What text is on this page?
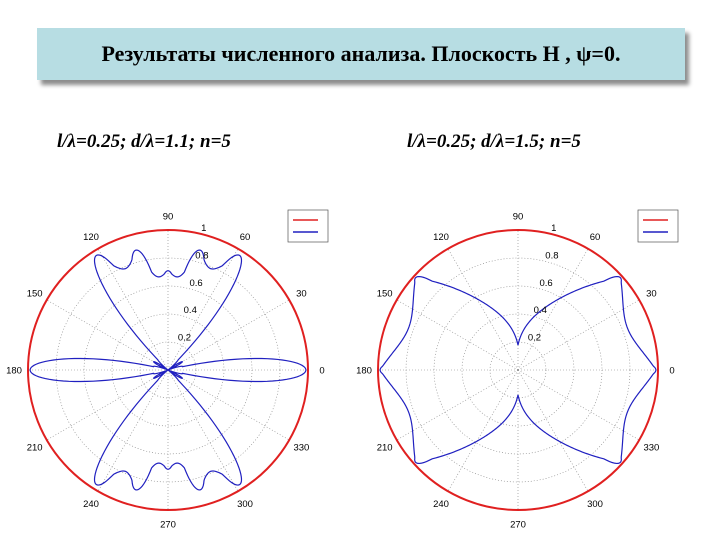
Результаты численного анализа. Плоскость Н , ψ=0.
l/λ=0.25; d/λ=1.1; n=5	l/λ=0.25; d/λ=1.5; n=5
0
30
60
90
120
150
180
210
240
270
300
330
0.2
0.4
0.6
0.8
1
0
30
60
90
120
150
180
210
240
270
300
330
0.2
0.4
0.6
0.8
1
